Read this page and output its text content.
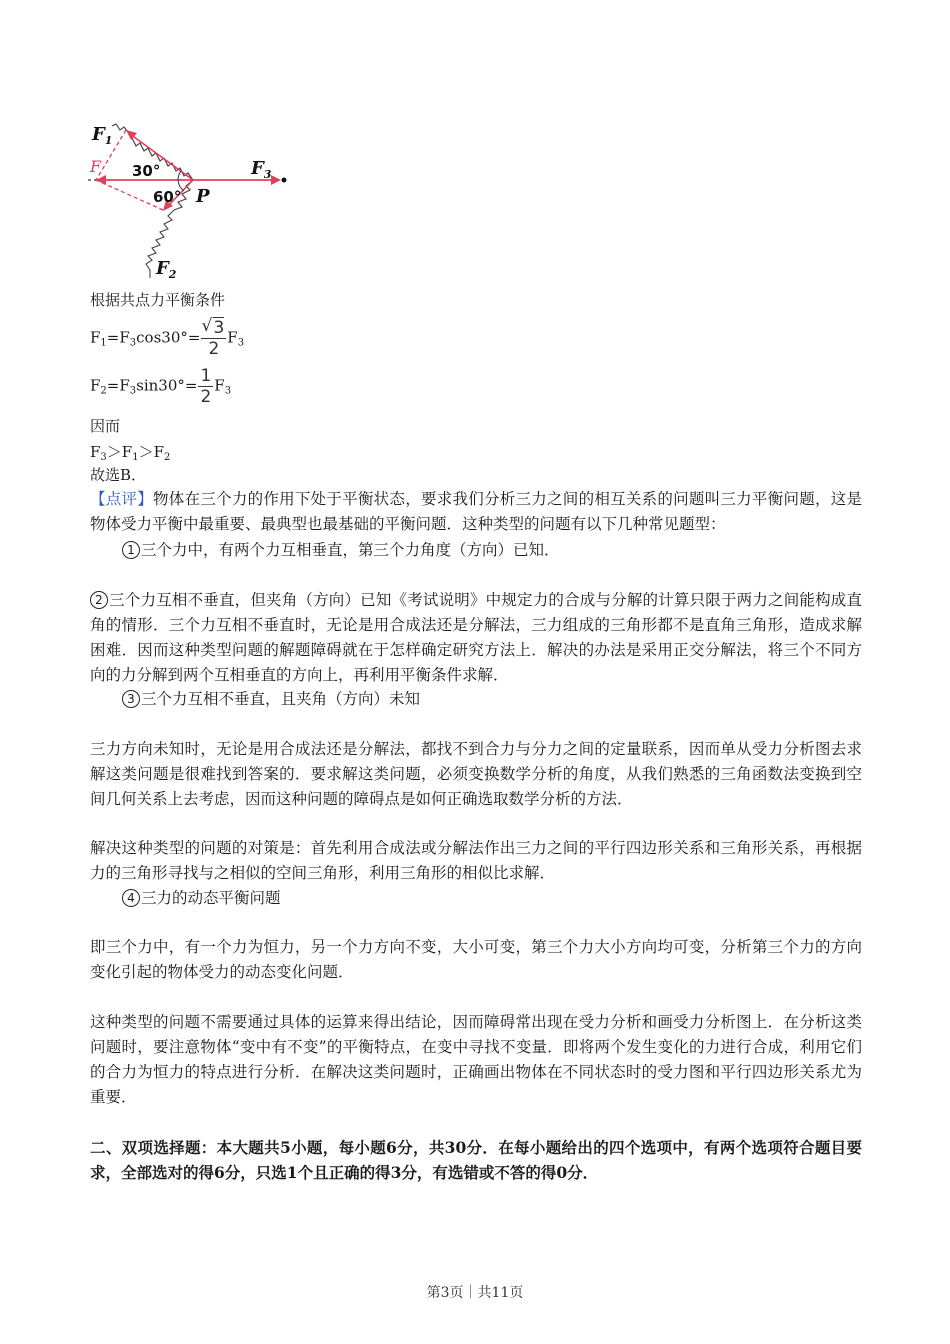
$F_1$
F 30°
60° P
$F_3$
$F_2$
根据共点力平衡条件
$F_1=F_3\cos 30^\circ=$
√ $\frac{3}{2} F_3$
$F_2=F_3\sin 30^\circ= \frac{1}{2} F_3$
因而
$F_3>F_1>F_2$
故选B．
【点评】物体在三个力的作用下处于平衡状态，要求我们分析三力之间的相互关系的问题叫三力平衡问题，这是物体受力平衡中最重要、最典型也最基础的平衡问题．这种类型的问题有以下几种常见题型：
1 三个力中，有两个力互相垂直，第三个力角度（方向）已知．
2 三个力互相不垂直，但夹角（方向）已知《考试说明》中规定力的合成与分解的计算只限于两力之间能构成直角的情形．三个力互相不垂直时，无论是用合成法还是分解法，三力组成的三角形都不是直角三角形，造成求解困难．因而这种类型问题的解题障碍就在于怎样确定研究方法上．解决的办法是采用正交分解法，将三个不同方向的力分解到两个互相垂直的方向上，再利用平衡条件求解．
3 三个力互相不垂直，且夹角（方向）未知
三力方向未知时，无论是用合成法还是分解法，都找不到合力与分力之间的定量联系，因而单从受力分析图去求解这类问题是很难找到答案的．要求解这类问题，必须变换数学分析的角度，从我们熟悉的三角函数法变换到空间几何关系上去考虑，因而这种问题的障碍点是如何正确选取数学分析的方法．
解决这种类型的问题的对策是：首先利用合成法或分解法作出三力之间的平行四边形关系和三角形关系，再根据力的三角形寻找与之相似的空间三角形，利用三角形的相似比求解．
4 三力的动态平衡问题
即三个力中，有一个力为恒力，另一个力方向不变，大小可变，第三个力大小方向均可变，分析第三个力的方向变化引起的物体受力的动态变化问题．
这种类型的问题不需要通过具体的运算来得出结论，因而障碍常出现在受力分析和画受力分析图上．在分析这类问题时，要注意物体“变中有不变”的平衡特点，在变中寻找不变量．即将两个发生变化的力进行合成，利用它们的合力为恒力的特点进行分析．在解决这类问题时，正确画出物体在不同状态时的受力图和平行四边形关系尤为重要．
二、双项选择题：本大题共5小题，每小题6分，共30分．在每小题给出的四个选项中，有两个选项符合题目要求，全部选对的得6分，只选1个且正确的得3分，有选错或不答的得0分．
第3页｜共11页
